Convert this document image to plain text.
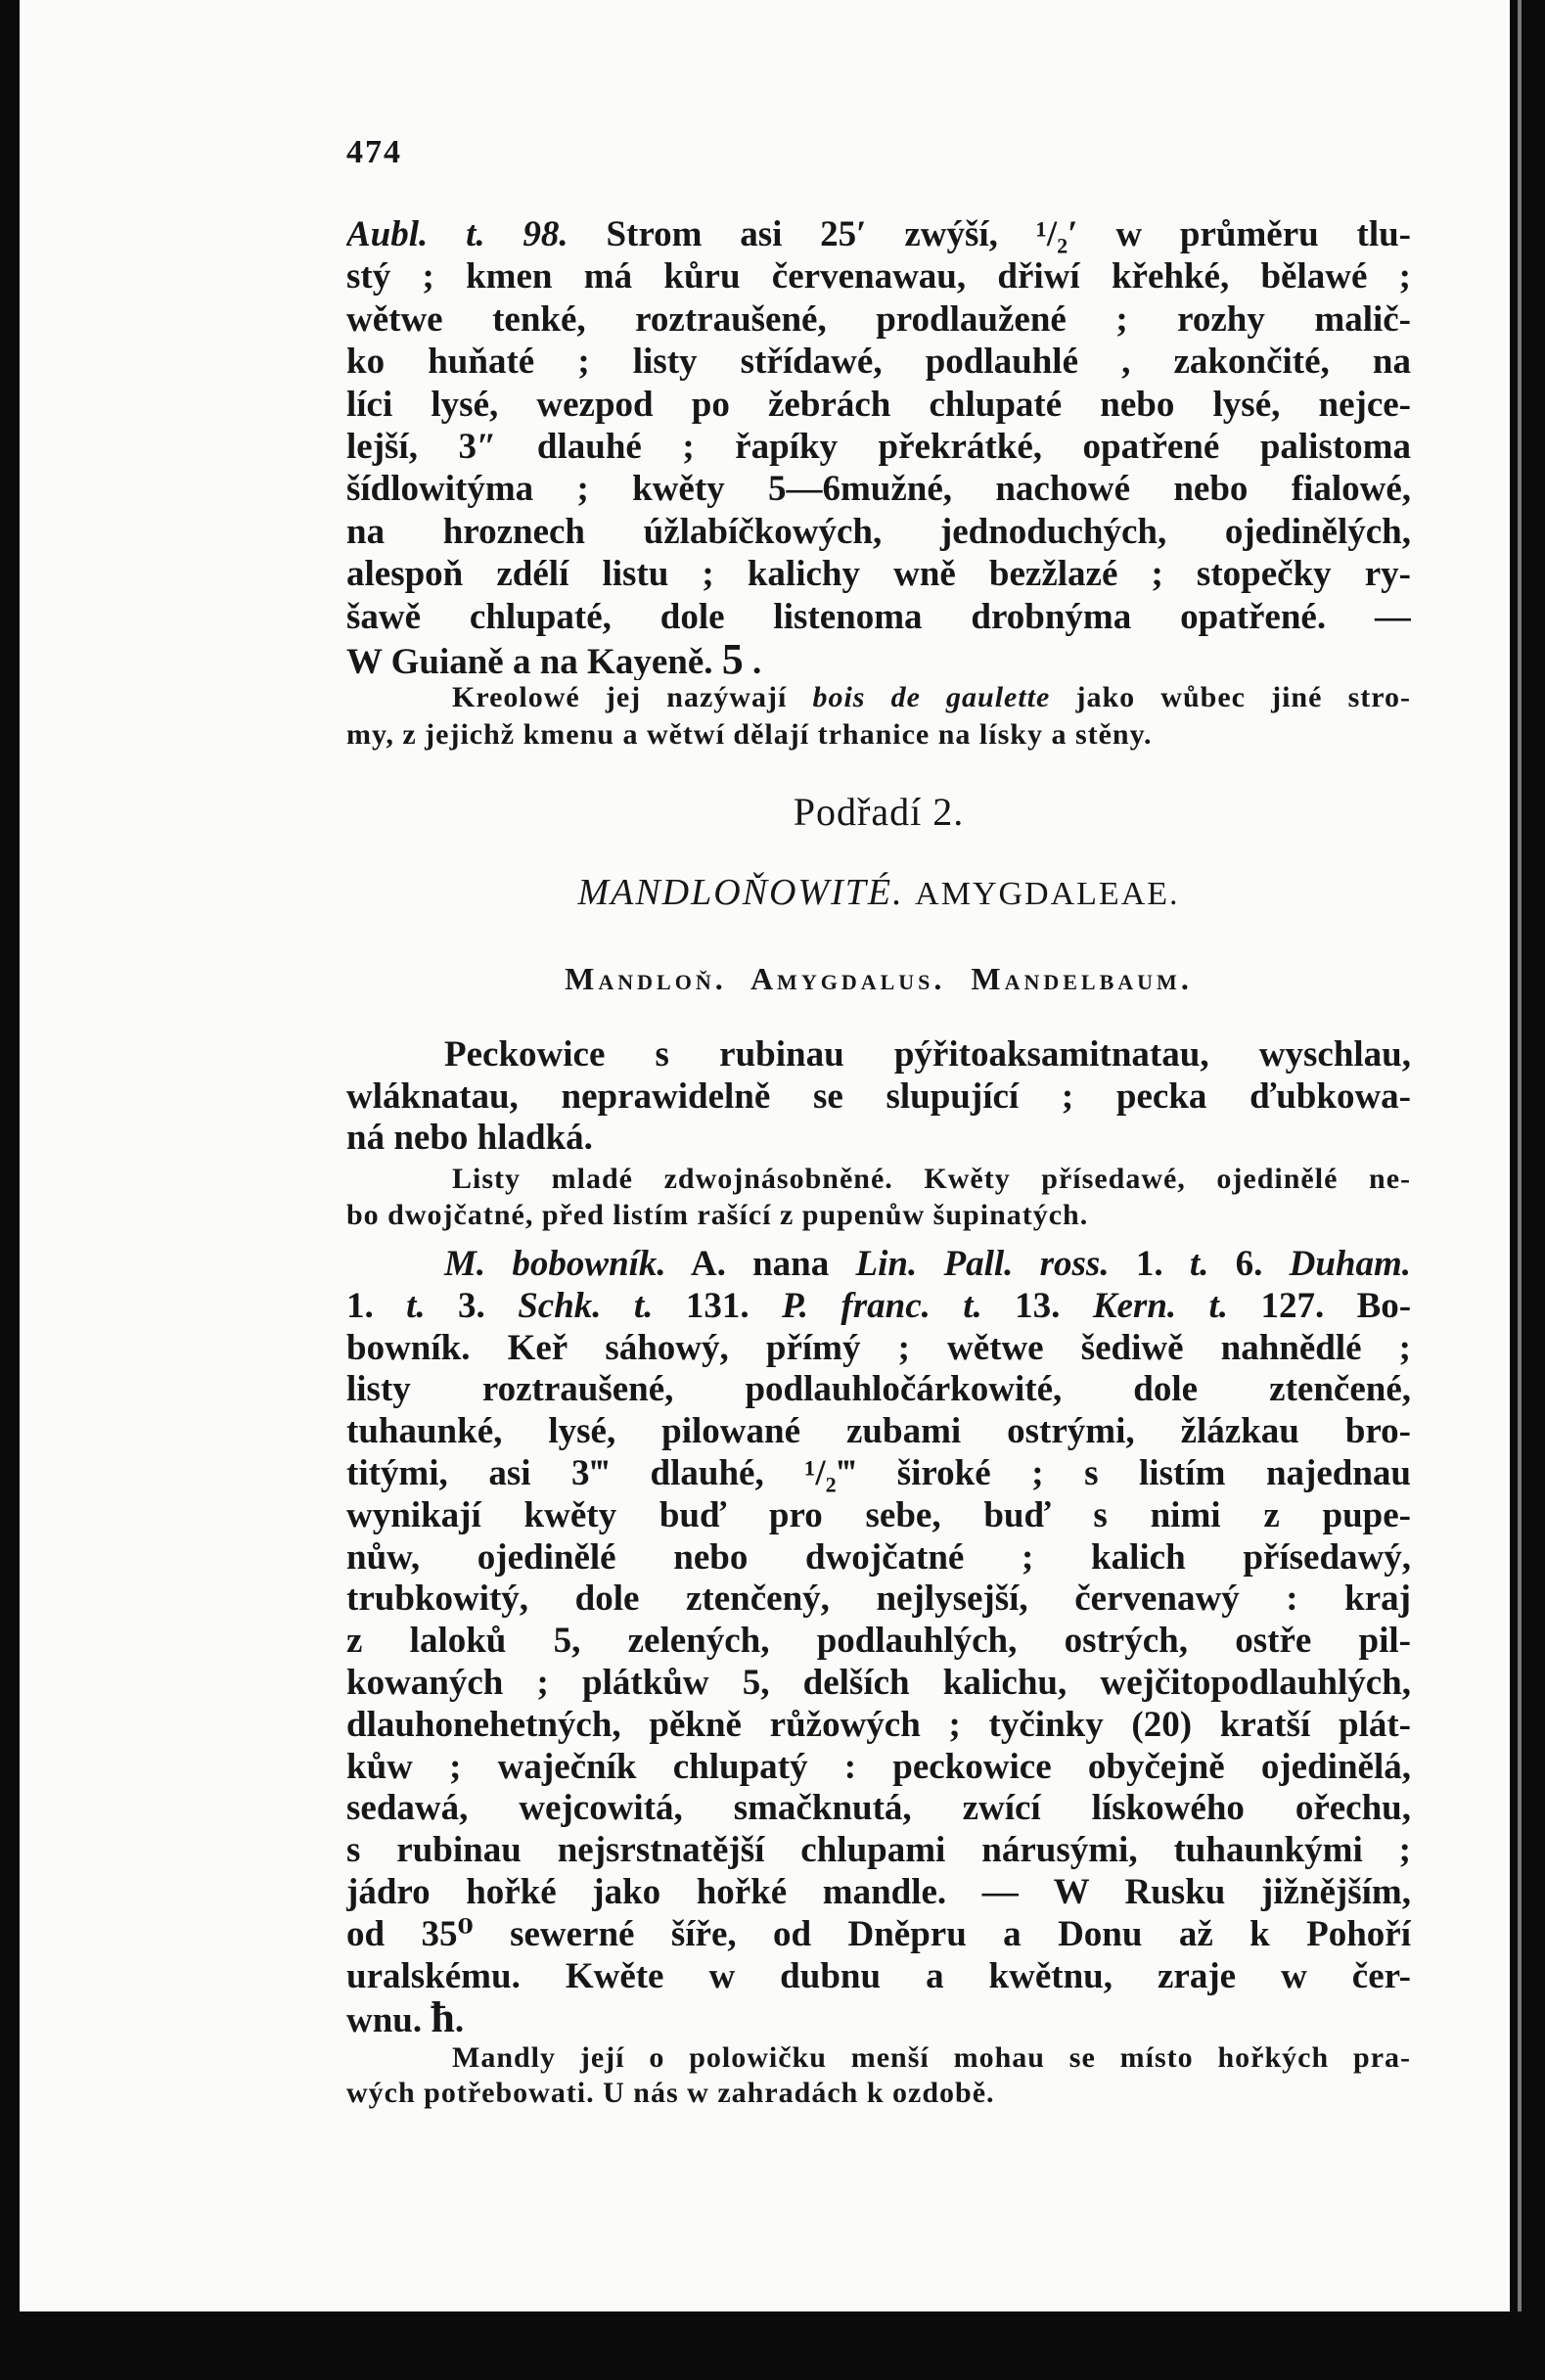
474
Aubl. t. 98. Strom asi 25′ zwýší, ¹/₂′ w průměru tlu-
stý ; kmen má kůru červenawau, dřiwí křehké, bělawé ;
wětwe tenké, roztraušené, prodlaužené ; rozhy malič-
ko huňaté ; listy střídawé, podlauhlé , zakončité, na
líci lysé, wezpod po žebrách chlupaté nebo lysé, nejce-
lejší, 3″ dlauhé ; řapíky překrátké, opatřené palistoma
šídlowitýma ; kwěty 5—6mužné, nachowé nebo fialowé,
na hroznech úžlabíčkowých, jednoduchých, ojedinělých,
alespoň zdélí listu ; kalichy wně bezžlazé ; stopečky ry-
šawě chlupaté, dole listenoma drobnýma opatřené. —
W Guianě a na Kayeně. 5 .
Kreolowé jej nazýwají bois de gaulette jako wůbec jiné stro-
my, z jejichž kmenu a wětwí dělají trhanice na lísky a stěny.
Podřadí 2.
MANDLOŇOWITÉ. AMYGDALEAE.
Mandloň. Amygdalus. Mandelbaum.
Peckowice s rubinau pýřitoaksamitnatau, wyschlau,
wláknatau, neprawidelně se slupující ; pecka ďubkowa-
ná nebo hladká.
Listy mladé zdwojnásobněné. Kwěty přísedawé, ojedinělé ne-
bo dwojčatné, před listím rašící z pupenůw šupinatých.
M. bobowník. A. nana Lin. Pall. ross. 1. t. 6. Duham.
1. t. 3. Schk. t. 131. P. franc. t. 13. Kern. t. 127. Bo-
bowník. Keř sáhowý, přímý ; wětwe šediwě nahnědlé ;
listy roztraušené, podlauhločárkowité, dole ztenčené,
tuhaunké, lysé, pilowané zubami ostrými, žlázkau bro-
titými, asi 3‴ dlauhé, ¹/₂‴ široké ; s listím najednau
wynikají kwěty buď pro sebe, buď s nimi z pupe-
nůw, ojedinělé nebo dwojčatné ; kalich přísedawý,
trubkowitý, dole ztenčený, nejlysejší, červenawý : kraj
z laloků 5, zelených, podlauhlých, ostrých, ostře pil-
kowaných ; plátkůw 5, delších kalichu, wejčitopodlauhlých,
dlauhonehetných, pěkně růžowých ; tyčinky (20) kratší plát-
kůw ; waječník chlupatý : peckowice obyčejně ojedinělá,
sedawá, wejcowitá, smačknutá, zwící lískowého ořechu,
s rubinau nejsrstnatější chlupami nárusými, tuhaunkými ;
jádro hořké jako hořké mandle. — W Rusku jižnějším,
od 35⁰ sewerné šíře, od Dněpru a Donu až k Pohoří
uralskému. Kwěte w dubnu a kwětnu, zraje w čer-
wnu. ħ.
Mandly její o polowičku menší mohau se místo hořkých pra-
wých potřebowati. U nás w zahradách k ozdobě.
